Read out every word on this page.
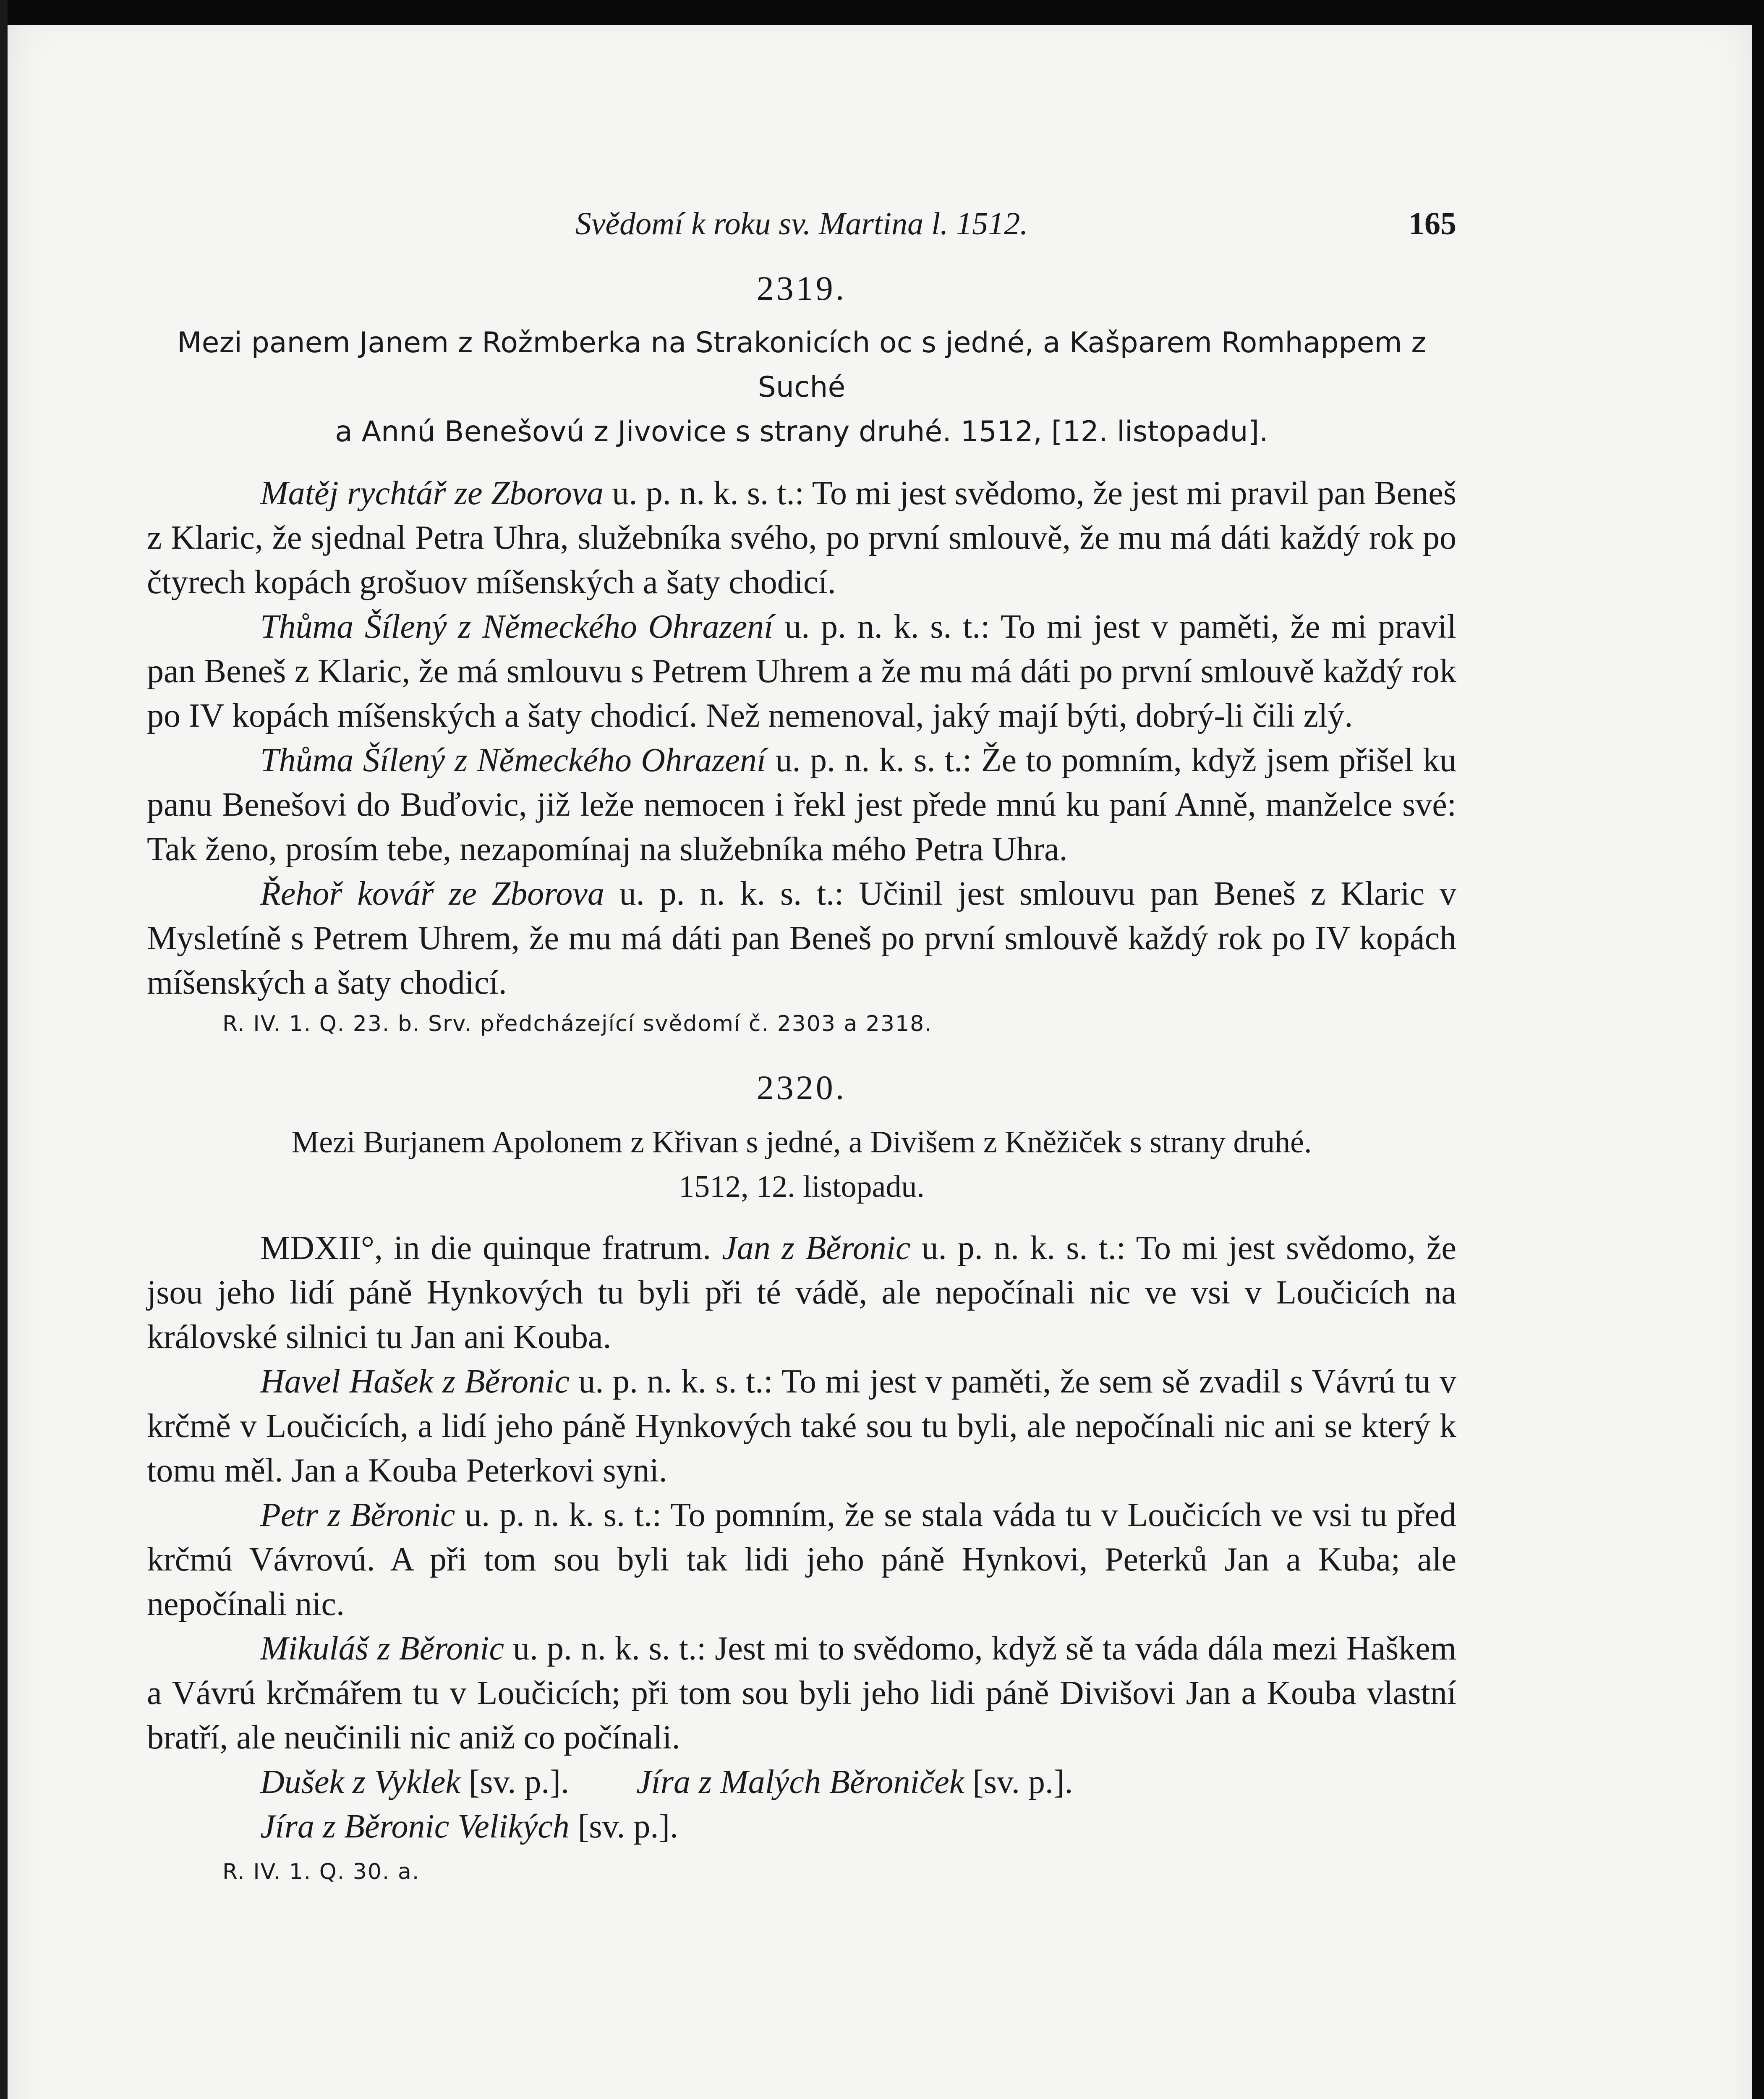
Svědomí k roku sv. Martina l. 1512.	165
2319.
Mezi panem Janem z Rožmberka na Strakonicích oc s jedné, a Kašparem Romhappem z Suché
a Annú Benešovú z Jivovice s strany druhé. 1512, [12. listopadu].

Matěj rychtář ze Zborova u. p. n. k. s. t.: To mi jest svědomo, že jest mi pravil pan Beneš z Klaric, že sjednal Petra Uhra, služebníka svého, po první smlouvě, že mu má dáti každý rok po čtyrech kopách grošuov míšenských a šaty chodicí.

Thůma Šílený z Německého Ohrazení u. p. n. k. s. t.: To mi jest v paměti, že mi pravil pan Beneš z Klaric, že má smlouvu s Petrem Uhrem a že mu má dáti po první smlouvě každý rok po IV kopách míšenských a šaty chodicí. Než nemenoval, jaký mají býti, dobrý-li čili zlý.

Thůma Šílený z Německého Ohrazení u. p. n. k. s. t.: Že to pomním, když jsem přišel ku panu Benešovi do Buďovic, již leže nemocen i řekl jest přede mnú ku paní Anně, manželce své: Tak ženo, prosím tebe, nezapomínaj na služebníka mého Petra Uhra.

Řehoř kovář ze Zborova u. p. n. k. s. t.: Učinil jest smlouvu pan Beneš z Klaric v Mysletíně s Petrem Uhrem, že mu má dáti pan Beneš po první smlouvě každý rok po IV kopách míšenských a šaty chodicí.

R. IV. 1. Q. 23. b. Srv. předcházející svědomí č. 2303 a 2318.
2320.
Mezi Burjanem Apolonem z Křivan s jedné, a Divišem z Kněžiček s strany druhé.
1512, 12. listopadu.

MDXII°, in die quinque fratrum. Jan z Běronic u. p. n. k. s. t.: To mi jest svědomo, že jsou jeho lidí páně Hynkových tu byli při té vádě, ale nepočínali nic ve vsi v Loučicích na královské silnici tu Jan ani Kouba.

Havel Hašek z Běronic u. p. n. k. s. t.: To mi jest v paměti, že sem sě zvadil s Vávrú tu v krčmě v Loučicích, a lidí jeho páně Hynkových také sou tu byli, ale nepočínali nic ani se který k tomu měl. Jan a Kouba Peterkovi syni.

Petr z Běronic u. p. n. k. s. t.: To pomním, že se stala váda tu v Loučicích ve vsi tu před krčmú Vávrovú. A při tom sou byli tak lidi jeho páně Hynkovi, Peterků Jan a Kuba; ale nepočínali nic.

Mikuláš z Běronic u. p. n. k. s. t.: Jest mi to svědomo, když sě ta váda dála mezi Haškem a Vávrú krčmářem tu v Loučicích; při tom sou byli jeho lidi páně Divišovi Jan a Kouba vlastní bratří, ale neučinili nic aniž co počínali.

Dušek z Vyklek [sv. p.]. Jíra z Malých Běroniček [sv. p.].
Jíra z Běronic Velikých [sv. p.].
R. IV. 1. Q. 30. a.
